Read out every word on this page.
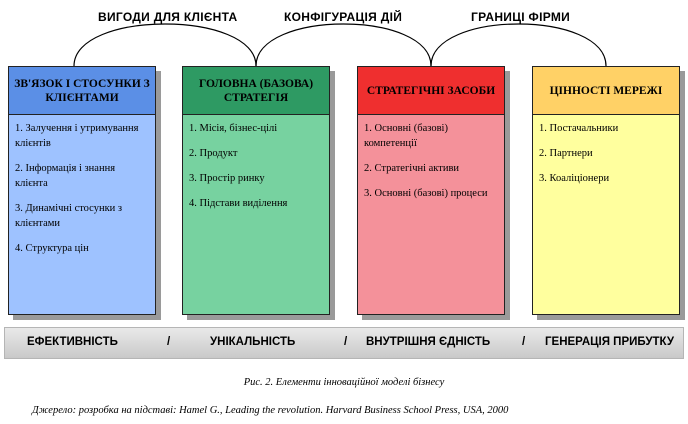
ВИГОДИ ДЛЯ КЛІЄНТА	КОНФІГУРАЦІЯ ДІЙ	ГРАНИЦІ ФІРМИ
ЗВ'ЯЗОК І СТОСУНКИ З КЛІЄНТАМИ
1. Залучення і утримування клієнтів
2. Інформація і знання клієнта
3. Динамічні стосунки з клієнтами
4. Структура цін
ГОЛОВНА (БАЗОВА) СТРАТЕГІЯ
1. Місія, бізнес-цілі
2. Продукт
3. Простір ринку
4. Підстави виділення
СТРАТЕГІЧНІ ЗАСОБИ
1. Основні (базові) компетенції
2. Стратегічні активи
3. Основні (базові) процеси
ЦІННОСТІ МЕРЕЖІ
1. Постачальники
2. Партнери
3. Коаліціонери
ЕФЕКТИВНІСТЬ	/	УНІКАЛЬНІСТЬ	/ ВНУТРІШНЯ ЄДНІСТЬ	/ ГЕНЕРАЦІЯ ПРИБУТКУ
Рис. 2. Елементи інноваційної моделі бізнесу
Джерело: розробка на підставі: Hamel G., Leading the revolution. Harvard Business School Press, USA, 2000
